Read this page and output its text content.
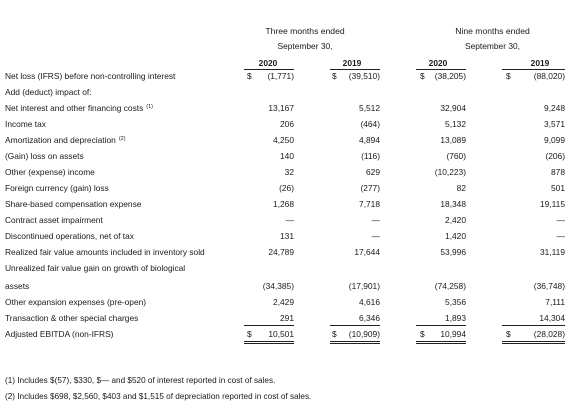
Three months ended
September 30,
Nine months ended
September 30,
2020	2019	2020	2019
Net loss (IFRS) before non-controlling interest	$	(1,771)	$	(39,510)	$	(38,205)	$	(88,020)
Add (deduct) impact of:
Net interest and other financing costs $^{(1)}$	13,167	5,512	32,904	9,248
Income tax	206	(464)	5,132	3,571
Amortization and depreciation $^{(2)}$	4,250	4,894	13,089	9,099
(Gain) loss on assets	140	(116)	(760)	(206)
Other (expense) income	32	629	(10,223)	878
Foreign currency (gain) loss	(26)	(277)	82	501
Share-based compensation expense	1,268	7,718	18,348	19,115
Contract asset impairment	—	—	2,420	—
Discontinued operations, net of tax	131	—	1,420	—
Realized fair value amounts included in inventory sold	24,789	17,644	53,996	31,119
Unrealized fair value gain on growth of biological
assets	(34,385)	(17,901)	(74,258)	(36,748)
Other expansion expenses (pre-open)	2,429	4,616	5,356	7,111
Transaction & other special charges	291	6,346	1,893	14,304
Adjusted EBITDA (non-IFRS)	$	10,501	$	(10,909)	$	10,994	$	(28,028)
(1) Includes $(57), $330, $— and $520 of interest reported in cost of sales.
(2) Includes $698, $2,560, $403 and $1,515 of depreciation reported in cost of sales.
